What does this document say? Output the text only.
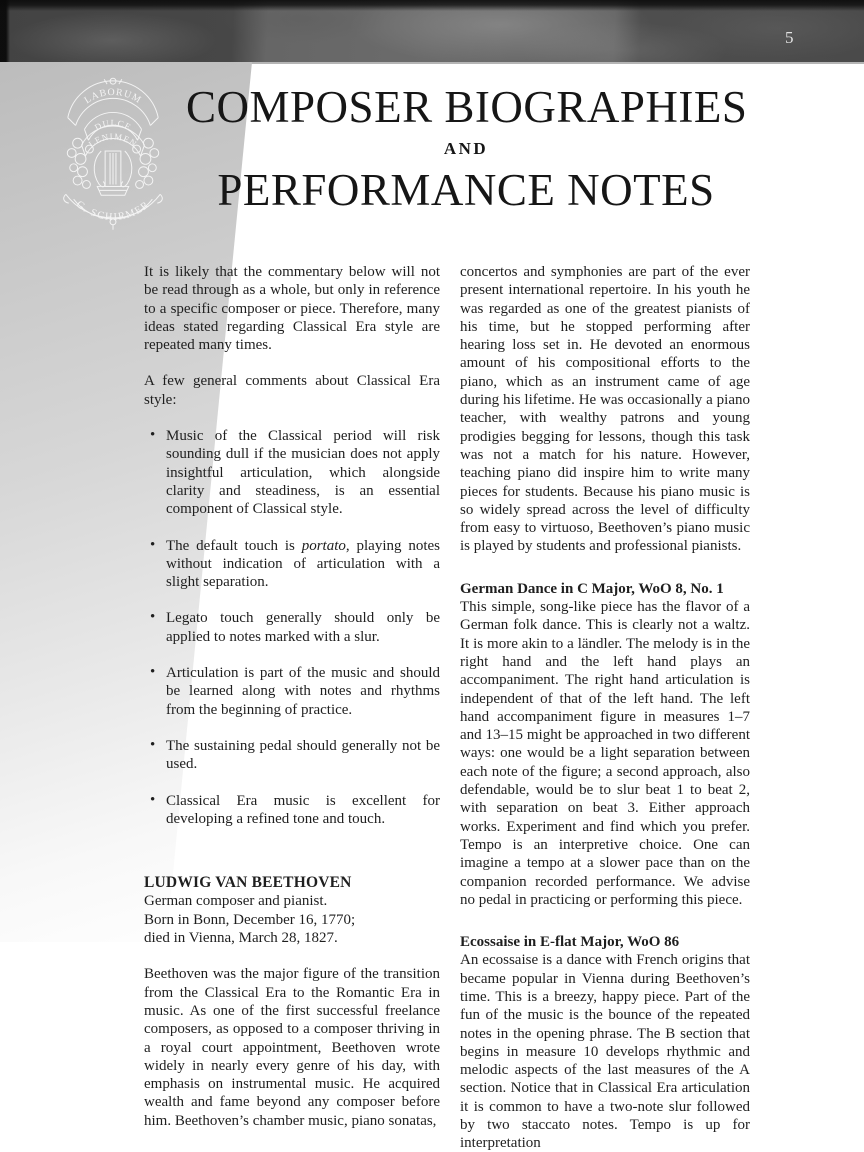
5
LABORUM
DULCE
LENIMEN
G. SCHIRMER
COMPOSER BIOGRAPHIES
AND
PERFORMANCE NOTES

It is likely that the commentary below will not be read through as a whole, but only in reference to a specific composer or piece. Therefore, many ideas stated regarding Classical Era style are repeated many times.

A few general comments about Classical Era style:

• Music of the Classical period will risk sounding dull if the musician does not apply insightful articulation, which alongside clarity and steadiness, is an essential component of Classical style.
• The default touch is portato, playing notes without indication of articulation with a slight separation.
• Legato touch generally should only be applied to notes marked with a slur.
• Articulation is part of the music and should be learned along with notes and rhythms from the beginning of practice.
• The sustaining pedal should generally not be used.
• Classical Era music is excellent for developing a refined tone and touch.
LUDWIG VAN BEETHOVEN
German composer and pianist.
Born in Bonn, December 16, 1770;
died in Vienna, March 28, 1827.

Beethoven was the major figure of the transition from the Classical Era to the Romantic Era in music. As one of the first successful freelance composers, as opposed to a composer thriving in a royal court appointment, Beethoven wrote widely in nearly every genre of his day, with emphasis on instrumental music. He acquired wealth and fame beyond any composer before him. Beethoven’s chamber music, piano sonatas,

concertos and symphonies are part of the ever present international repertoire. In his youth he was regarded as one of the greatest pianists of his time, but he stopped performing after hearing loss set in. He devoted an enormous amount of his compositional efforts to the piano, which as an instrument came of age during his lifetime. He was occasionally a piano teacher, with wealthy patrons and young prodigies begging for lessons, though this task was not a match for his nature. However, teaching piano did inspire him to write many pieces for students. Because his piano music is so widely spread across the level of difficulty from easy to virtuoso, Beethoven’s piano music is played by students and professional pianists.

German Dance in C Major, WoO 8, No. 1
This simple, song-like piece has the flavor of a German folk dance. This is clearly not a waltz. It is more akin to a ländler. The melody is in the right hand and the left hand plays an accompaniment. The right hand articulation is independent of that of the left hand. The left hand accompaniment figure in measures 1–7 and 13–15 might be approached in two different ways: one would be a light separation between each note of the figure; a second approach, also defendable, would be to slur beat 1 to beat 2, with separation on beat 3. Either approach works. Experiment and find which you prefer. Tempo is an interpretive choice. One can imagine a tempo at a slower pace than on the companion recorded performance. We advise no pedal in practicing or performing this piece.
Ecossaise in E-flat Major, WoO 86
An ecossaise is a dance with French origins that became popular in Vienna during Beethoven’s time. This is a breezy, happy piece. Part of the fun of the music is the bounce of the repeated notes in the opening phrase. The B section that begins in measure 10 develops rhythmic and melodic aspects of the last measures of the A section. Notice that in Classical Era articulation it is common to have a two-note slur followed by two staccato notes. Tempo is up for interpretation
